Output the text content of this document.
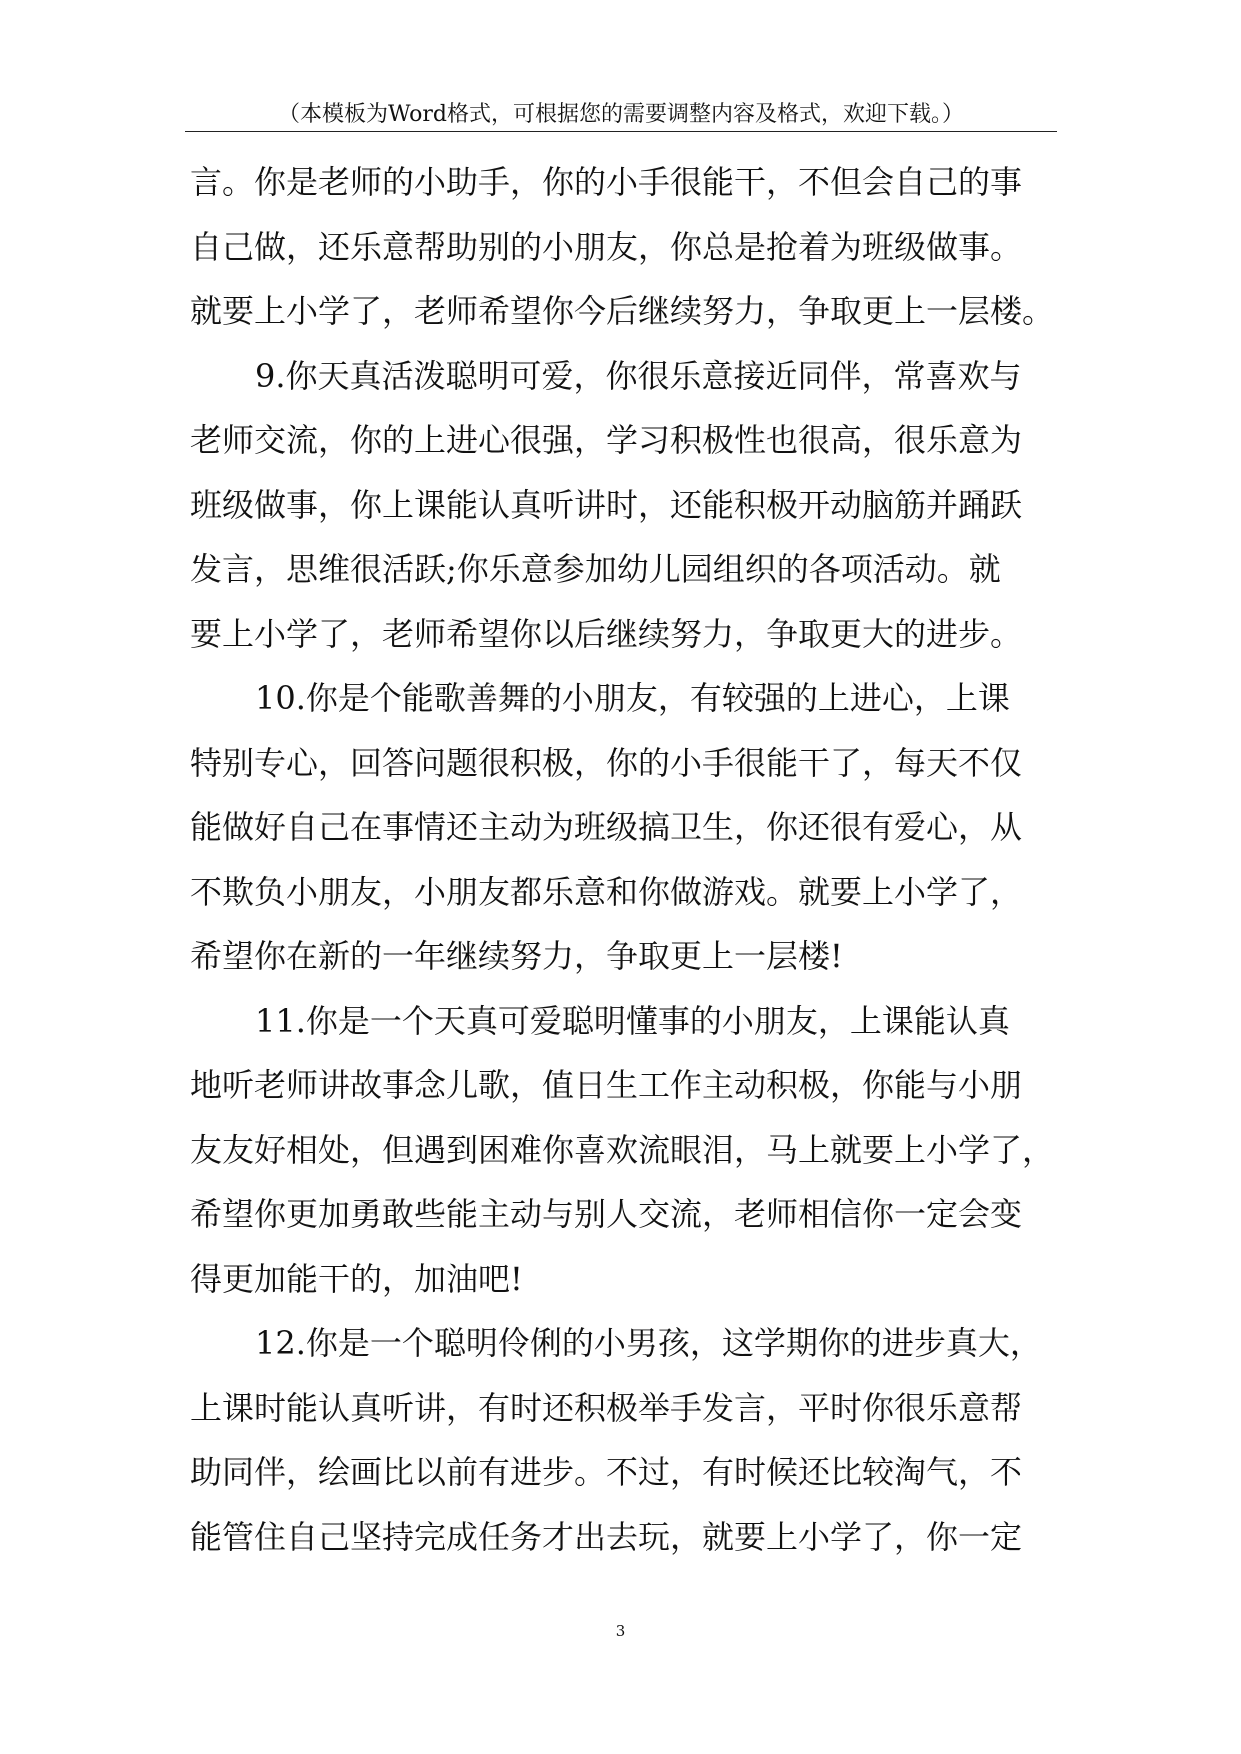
（本模板为Word格式，可根据您的需要调整内容及格式，欢迎下载。）
言。你是老师的小助手，你的小手很能干，不但会自己的事
自己做，还乐意帮助别的小朋友，你总是抢着为班级做事。
就要上小学了，老师希望你今后继续努力，争取更上一层楼。
9.你天真活泼聪明可爱，你很乐意接近同伴，常喜欢与
老师交流，你的上进心很强，学习积极性也很高，很乐意为
班级做事，你上课能认真听讲时，还能积极开动脑筋并踊跃
发言，思维很活跃;你乐意参加幼儿园组织的各项活动。就
要上小学了，老师希望你以后继续努力，争取更大的进步。
10.你是个能歌善舞的小朋友，有较强的上进心，上课
特别专心，回答问题很积极，你的小手很能干了，每天不仅
能做好自己在事情还主动为班级搞卫生，你还很有爱心，从
不欺负小朋友，小朋友都乐意和你做游戏。就要上小学了，
希望你在新的一年继续努力，争取更上一层楼!
11.你是一个天真可爱聪明懂事的小朋友，上课能认真
地听老师讲故事念儿歌，值日生工作主动积极，你能与小朋
友友好相处，但遇到困难你喜欢流眼泪，马上就要上小学了，
希望你更加勇敢些能主动与别人交流，老师相信你一定会变
得更加能干的，加油吧!
12.你是一个聪明伶俐的小男孩，这学期你的进步真大，
上课时能认真听讲，有时还积极举手发言，平时你很乐意帮
助同伴，绘画比以前有进步。不过，有时候还比较淘气，不
能管住自己坚持完成任务才出去玩，就要上小学了，你一定
3
